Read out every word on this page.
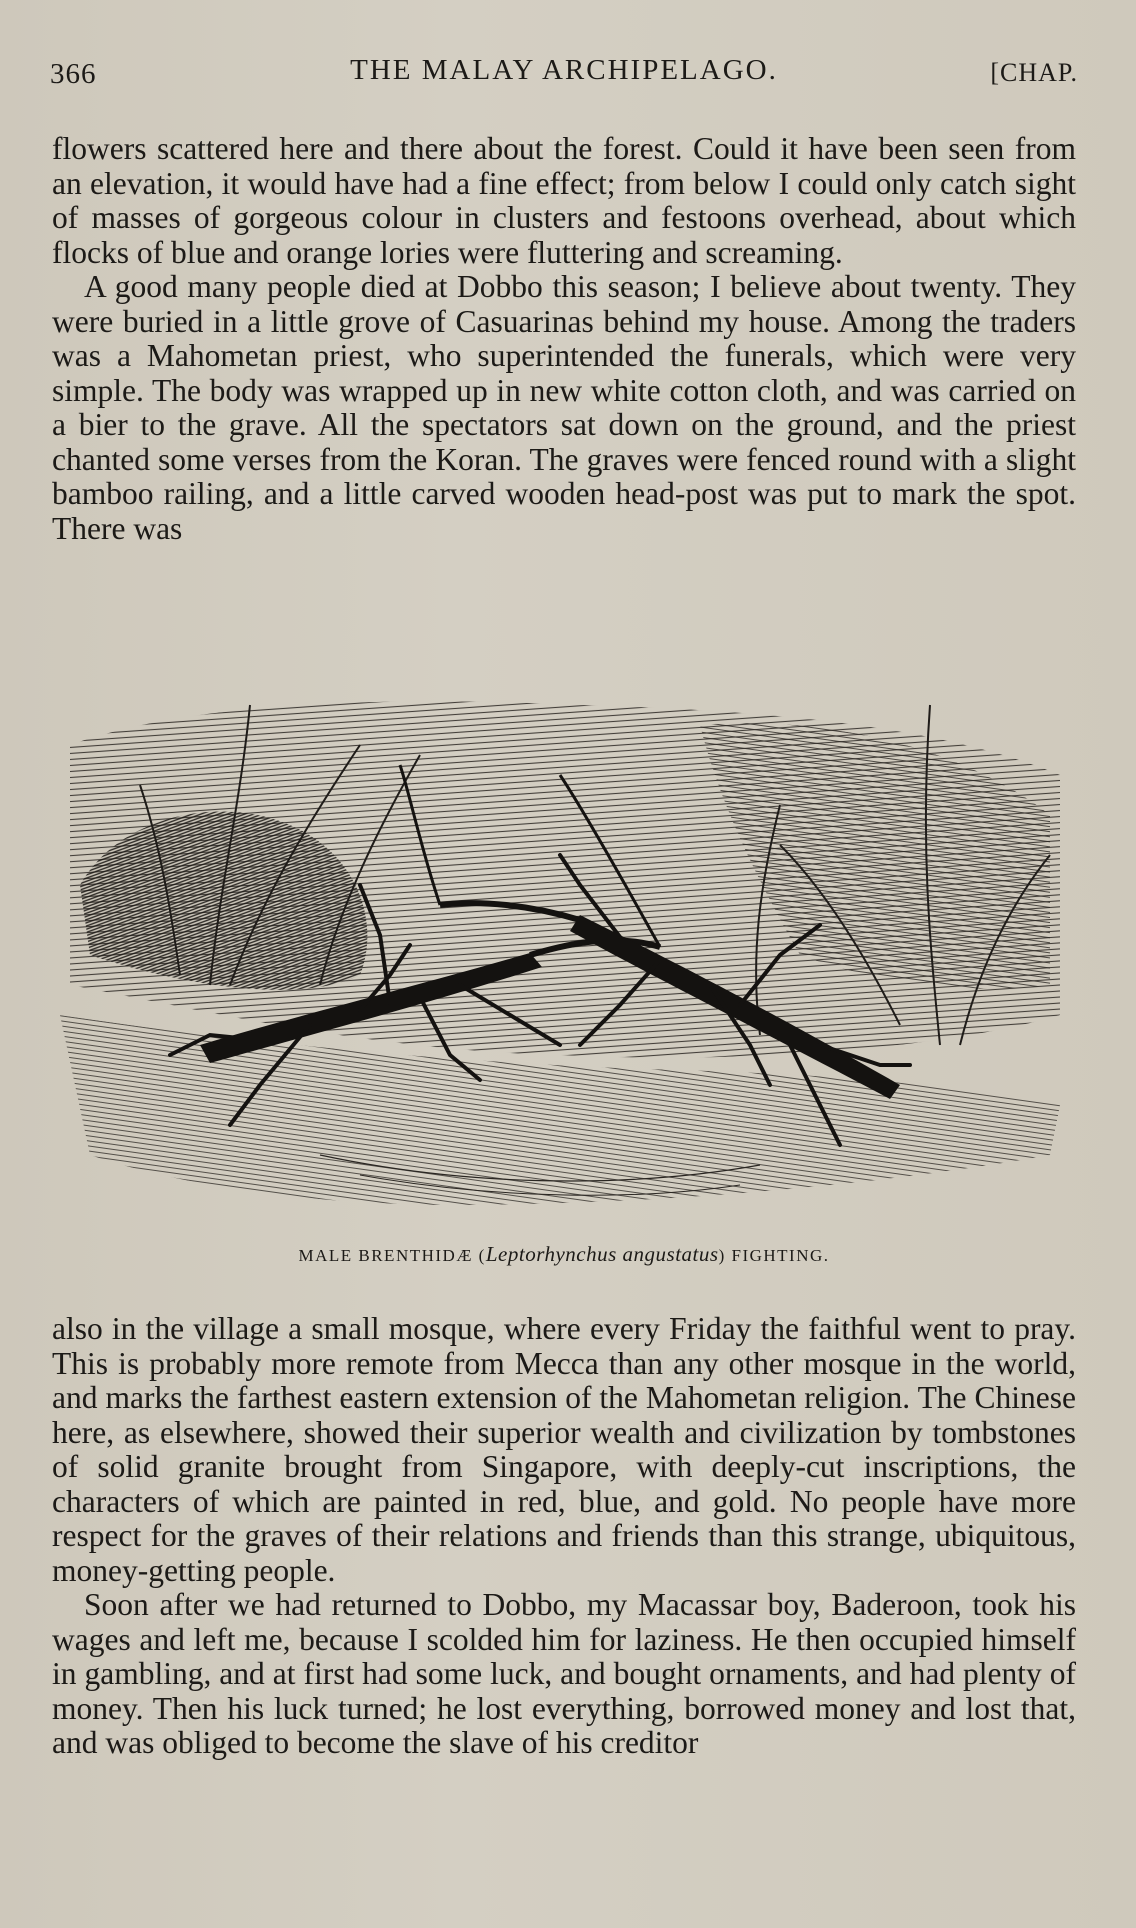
366	THE MALAY ARCHIPELAGO.	[CHAP.

flowers scattered here and there about the forest. Could it have been seen from an elevation, it would have had a fine effect; from below I could only catch sight of masses of gorgeous colour in clusters and festoons overhead, about which flocks of blue and orange lories were fluttering and screaming.

A good many people died at Dobbo this season; I believe about twenty. They were buried in a little grove of Casuarinas behind my house. Among the traders was a Mahometan priest, who superintended the funerals, which were very simple. The body was wrapped up in new white cotton cloth, and was carried on a bier to the grave. All the spectators sat down on the ground, and the priest chanted some verses from the Koran. The graves were fenced round with a slight bamboo railing, and a little carved wooden head-post was put to mark the spot. There was

MALE BRENTHIDÆ (Leptorhynchus angustatus) FIGHTING.

also in the village a small mosque, where every Friday the faithful went to pray. This is probably more remote from Mecca than any other mosque in the world, and marks the farthest eastern extension of the Mahometan religion. The Chinese here, as elsewhere, showed their superior wealth and civilization by tombstones of solid granite brought from Singapore, with deeply-cut inscriptions, the characters of which are painted in red, blue, and gold. No people have more respect for the graves of their relations and friends than this strange, ubiquitous, money-getting people.

Soon after we had returned to Dobbo, my Macassar boy, Baderoon, took his wages and left me, because I scolded him for laziness. He then occupied himself in gambling, and at first had some luck, and bought ornaments, and had plenty of money. Then his luck turned; he lost everything, borrowed money and lost that, and was obliged to become the slave of his creditor
